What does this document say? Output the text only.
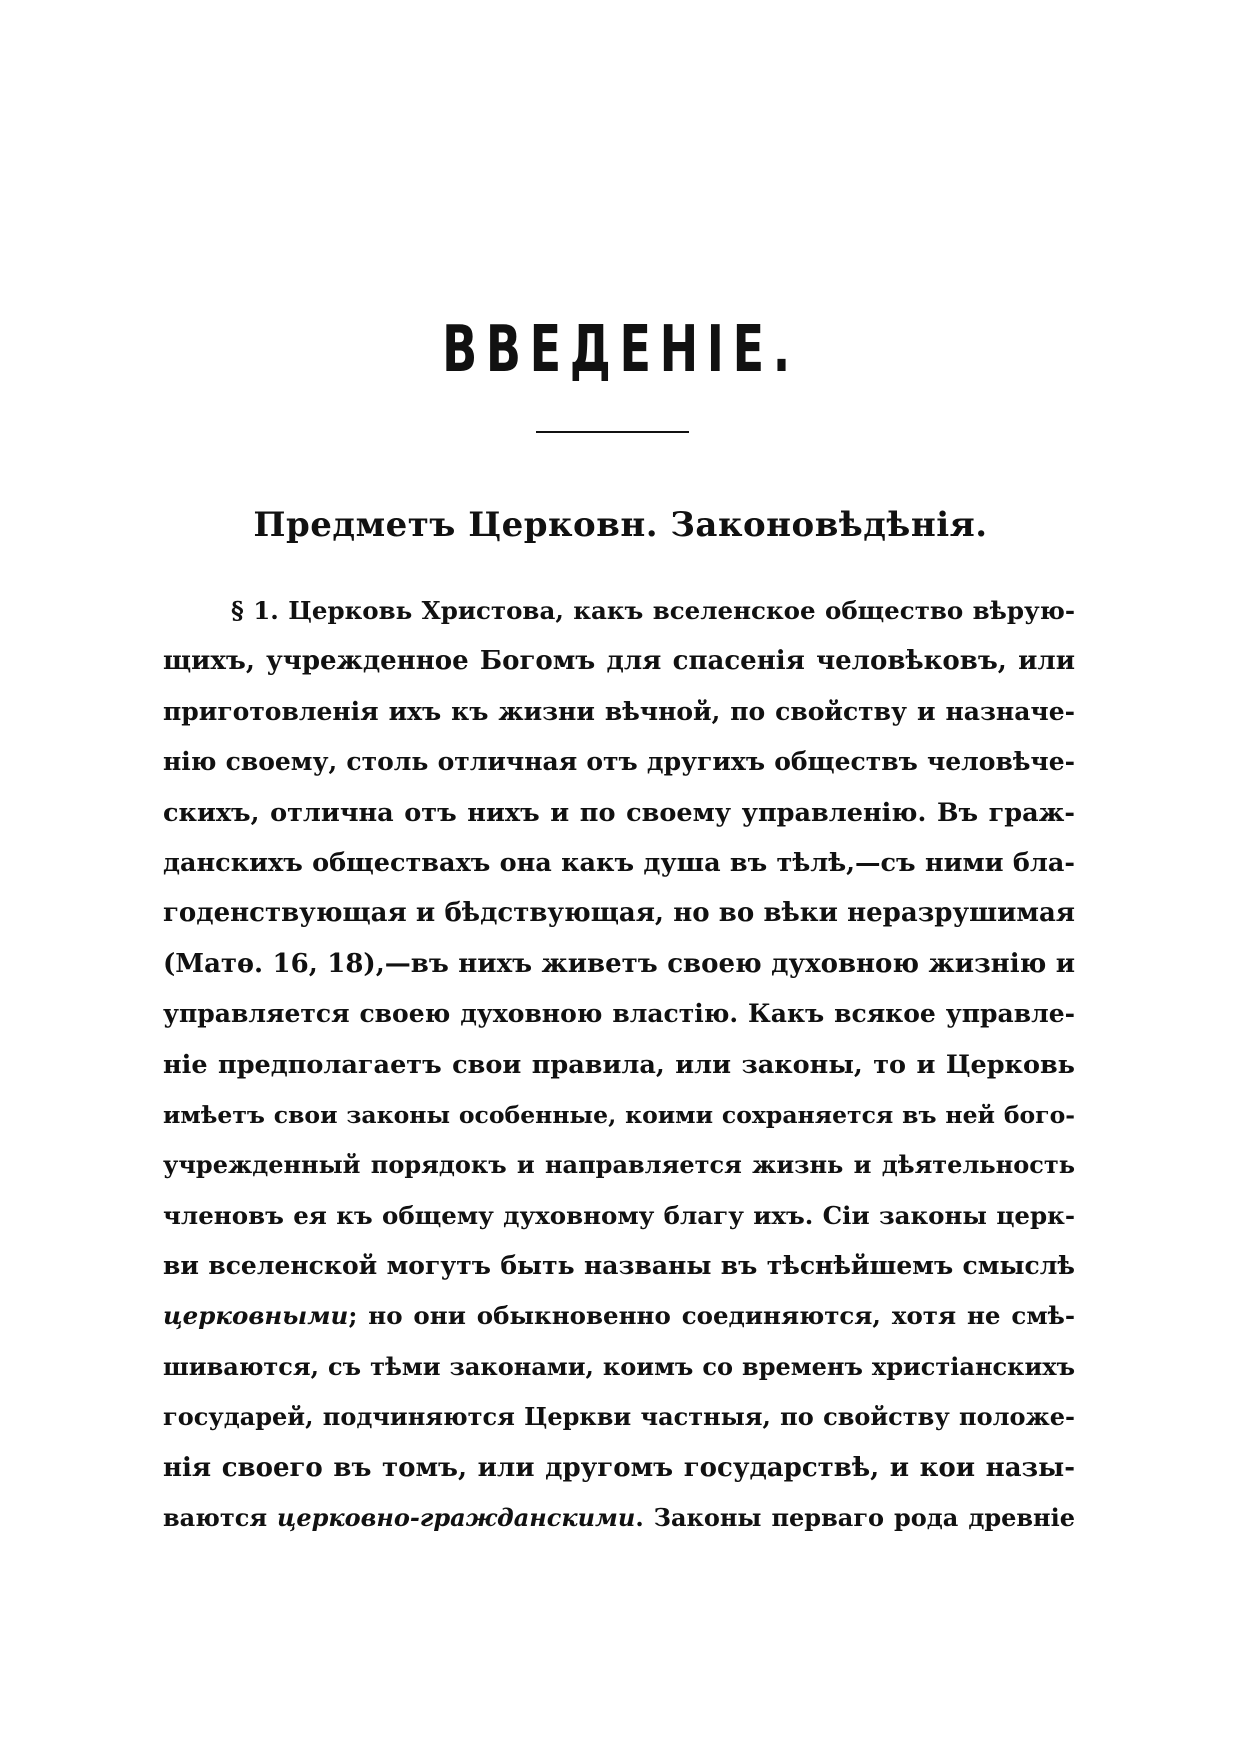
ВВЕДЕНІЕ.
Предметъ Церковн. Законовѣдѣнія.
§ 1. Церковь Христова, какъ вселенское общество вѣрую-
щихъ, учрежденное Богомъ для спасенія человѣковъ, или
приготовленія ихъ къ жизни вѣчной, по свойству и назначе-
нію своему, столь отличная отъ другихъ обществъ человѣче-
скихъ, отлична отъ нихъ и по своему управленію. Въ граж-
данскихъ обществахъ она какъ душа въ тѣлѣ,—съ ними бла-
годенствующая и бѣдствующая, но во вѣки неразрушимая
(Матѳ. 16, 18),—въ нихъ живетъ своею духовною жизнію и
управляется своею духовною властію. Какъ всякое управле-
ніе предполагаетъ свои правила, или законы, то и Церковь
имѣетъ свои законы особенные, коими сохраняется въ ней бого-
учрежденный порядокъ и направляется жизнь и дѣятельность
членовъ ея къ общему духовному благу ихъ. Сіи законы церк-
ви вселенской могутъ быть названы въ тѣснѣйшемъ смыслѣ
церковными; но они обыкновенно соединяются, хотя не смѣ-
шиваются, съ тѣми законами, коимъ со временъ христіанскихъ
государей, подчиняются Церкви частныя, по свойству положе-
нія своего въ томъ, или другомъ государствѣ, и кои назы-
ваются церковно-гражданскими. Законы перваго рода древніе
